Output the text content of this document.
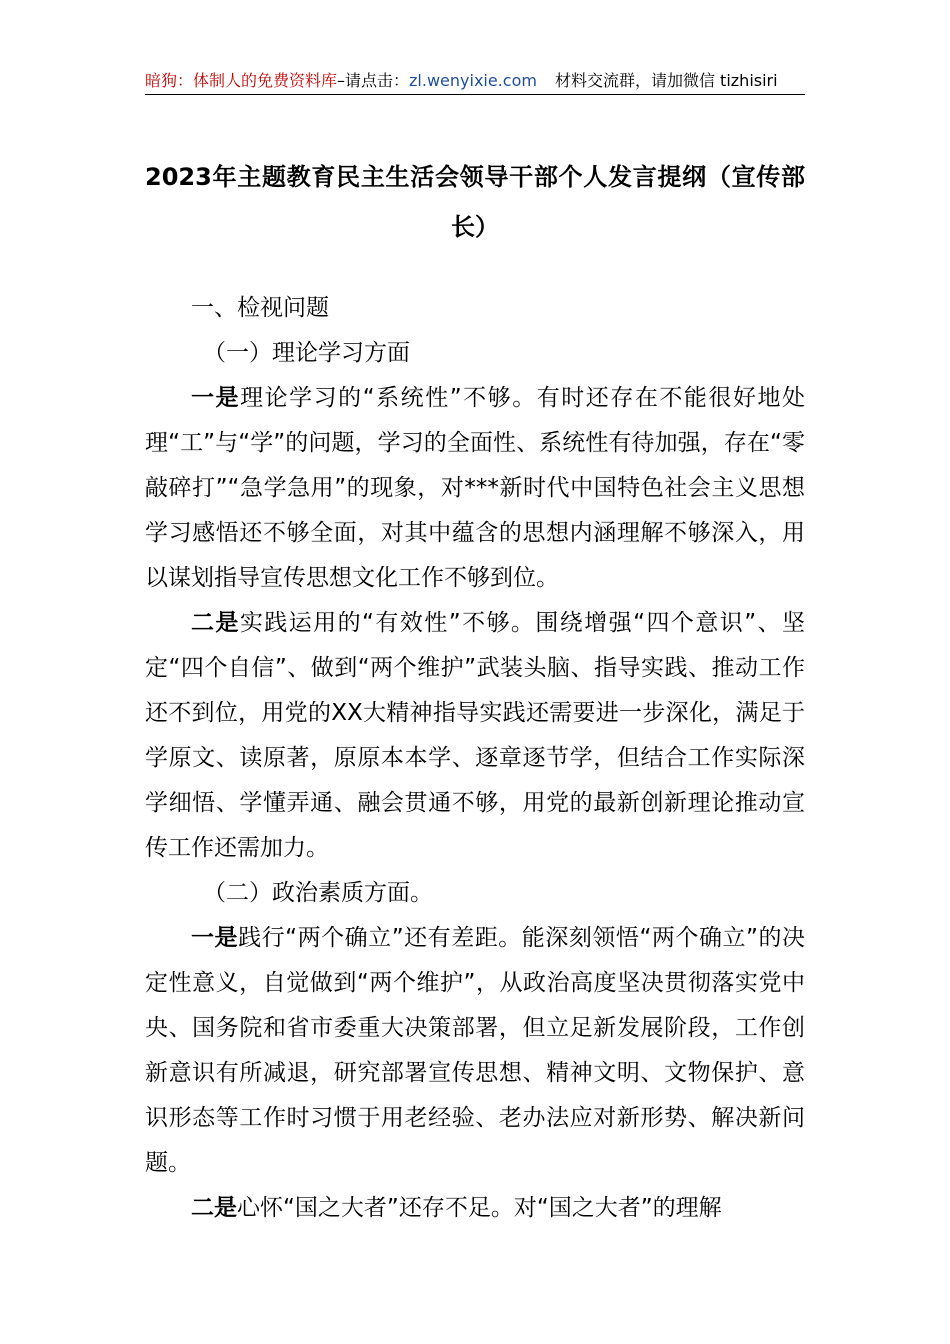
暗狗：体制人的免费资料库–请点击：zl.wenyixie.com 材料交流群，请加微信 tizhisiri
2023年主题教育民主生活会领导干部个人发言提纲（宣传部
长）

一、检视问题

（一）理论学习方面

一是理论学习的“系统性”不够。有时还存在不能很好地处理“工”与“学”的问题，学习的全面性、系统性有待加强，存在“零敲碎打”“急学急用”的现象，对***新时代中国特色社会主义思想学习感悟还不够全面，对其中蕴含的思想内涵理解不够深入，用以谋划指导宣传思想文化工作不够到位。

二是实践运用的“有效性”不够。围绕增强“四个意识”、坚定“四个自信”、做到“两个维护”武装头脑、指导实践、推动工作还不到位，用党的XX大精神指导实践还需要进一步深化，满足于学原文、读原著，原原本本学、逐章逐节学，但结合工作实际深学细悟、学懂弄通、融会贯通不够，用党的最新创新理论推动宣传工作还需加力。

（二）政治素质方面。

一是践行“两个确立”还有差距。能深刻领悟“两个确立”的决定性意义，自觉做到“两个维护”，从政治高度坚决贯彻落实党中央、国务院和省市委重大决策部署，但立足新发展阶段，工作创新意识有所减退，研究部署宣传思想、精神文明、文物保护、意识形态等工作时习惯于用老经验、老办法应对新形势、解决新问题。

二是心怀“国之大者”还存不足。对“国之大者”的理解
